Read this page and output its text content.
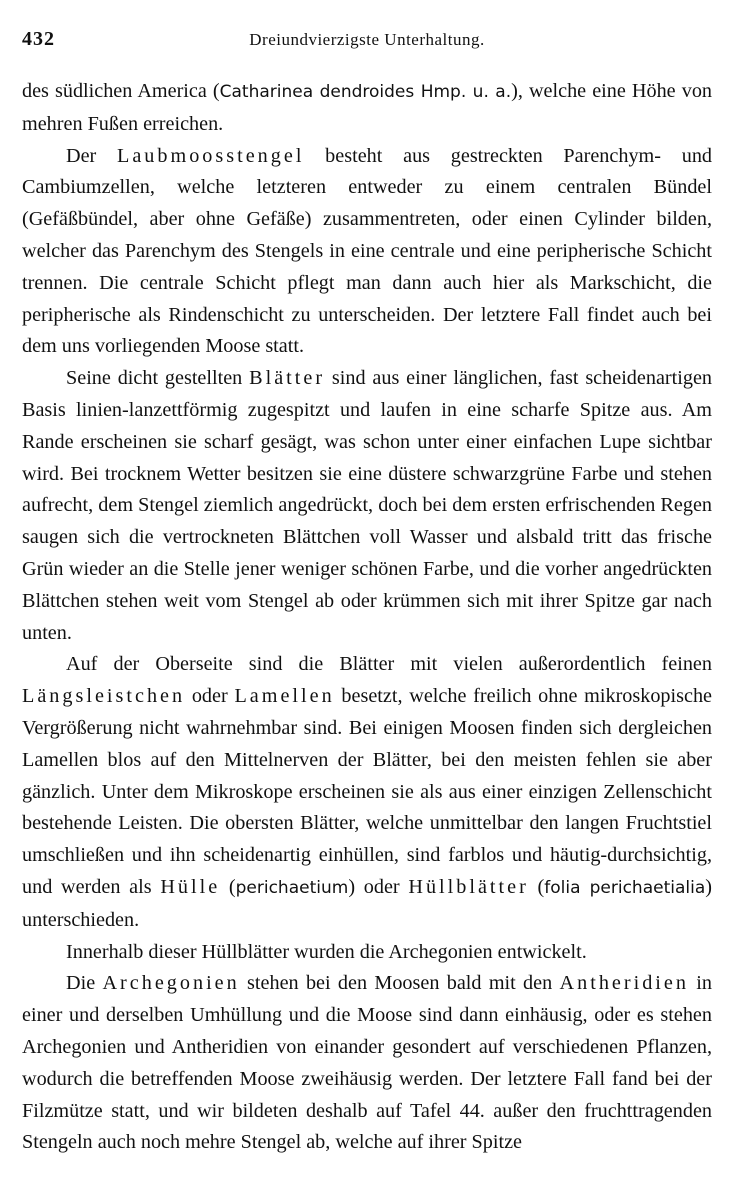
432	Dreiundvierzigste Unterhaltung.

des südlichen America (Catharinea dendroides Hmp. u. a.), welche eine Höhe von mehren Fußen erreichen.

Der Laubmoosstengel besteht aus gestreckten Parenchym- und Cambiumzellen, welche letzteren entweder zu einem centralen Bündel (Gefäßbündel, aber ohne Gefäße) zusammentreten, oder einen Cylinder bilden, welcher das Parenchym des Stengels in eine centrale und eine peripherische Schicht trennen. Die centrale Schicht pflegt man dann auch hier als Markschicht, die peripherische als Rindenschicht zu unterscheiden. Der letztere Fall findet auch bei dem uns vorliegenden Moose statt.

Seine dicht gestellten Blätter sind aus einer länglichen, fast scheidenartigen Basis linien-lanzettförmig zugespitzt und laufen in eine scharfe Spitze aus. Am Rande erscheinen sie scharf gesägt, was schon unter einer einfachen Lupe sichtbar wird. Bei trocknem Wetter besitzen sie eine düstere schwarzgrüne Farbe und stehen aufrecht, dem Stengel ziemlich angedrückt, doch bei dem ersten erfrischenden Regen saugen sich die vertrockneten Blättchen voll Wasser und alsbald tritt das frische Grün wieder an die Stelle jener weniger schönen Farbe, und die vorher angedrückten Blättchen stehen weit vom Stengel ab oder krümmen sich mit ihrer Spitze gar nach unten.

Auf der Oberseite sind die Blätter mit vielen außerordentlich feinen Längsleistchen oder Lamellen besetzt, welche freilich ohne mikroskopische Vergrößerung nicht wahrnehmbar sind. Bei einigen Moosen finden sich dergleichen Lamellen blos auf den Mittelnerven der Blätter, bei den meisten fehlen sie aber gänzlich. Unter dem Mikroskope erscheinen sie als aus einer einzigen Zellenschicht bestehende Leisten. Die obersten Blätter, welche unmittelbar den langen Fruchtstiel umschließen und ihn scheidenartig einhüllen, sind farblos und häutig-durchsichtig, und werden als Hülle (perichaetium) oder Hüllblätter (folia perichaetialia) unterschieden.

Innerhalb dieser Hüllblätter wurden die Archegonien entwickelt.

Die Archegonien stehen bei den Moosen bald mit den Antheridien in einer und derselben Umhüllung und die Moose sind dann einhäusig, oder es stehen Archegonien und Antheridien von einander gesondert auf verschiedenen Pflanzen, wodurch die betreffenden Moose zweihäusig werden. Der letztere Fall fand bei der Filzmütze statt, und wir bildeten deshalb auf Tafel 44. außer den fruchttragenden Stengeln auch noch mehre Stengel ab, welche auf ihrer Spitze
